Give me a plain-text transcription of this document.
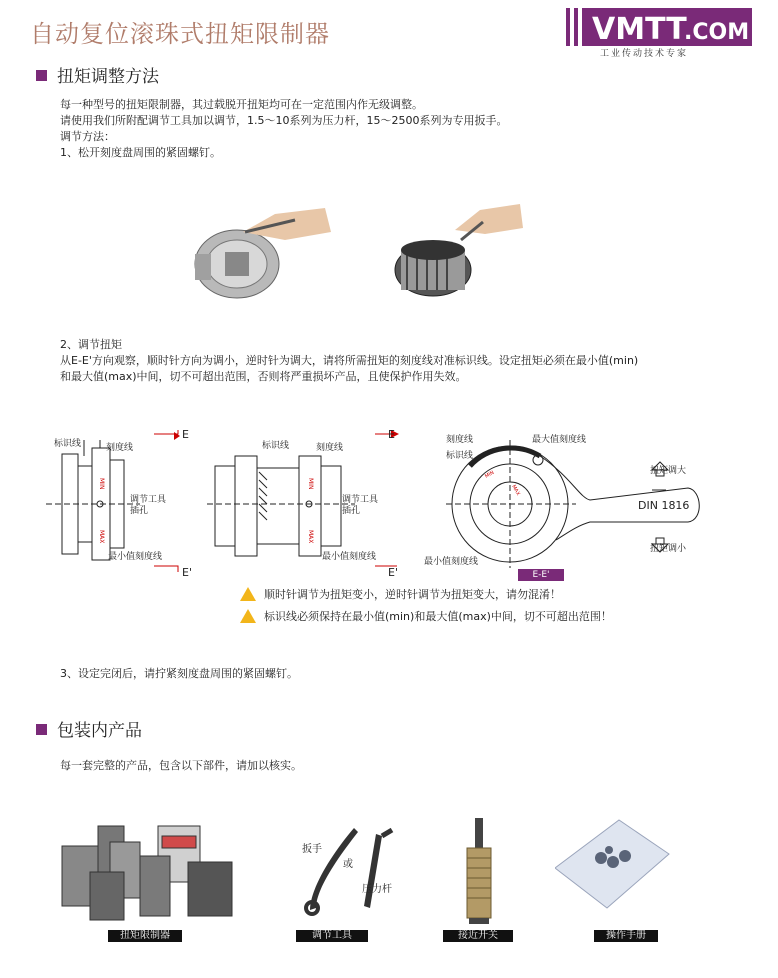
自动复位滚珠式扭矩限制器	VMTT
.COM
工业传动技术专家
扭矩调整方法
每一种型号的扭矩限制器，其过载脱开扭矩均可在一定范围内作无级调整。
请使用我们所附配调节工具加以调节，1.5～10系列为压力杆，15～2500系列为专用扳手。
调节方法：
1、松开刻度盘周围的紧固螺钉。
2、调节扭矩
从E-E'方向观察，顺时针方向为调小，逆时针为调大，请将所需扭矩的刻度线对准标识线。设定扭矩必须在最小值(min)
和最大值(max)中间，切不可超出范围，否则将严重损坏产品，且使保护作用失效。
MIN
MAX
标识线	刻度线
E
调节工具
插孔
最小值刻度线
E'
MIN
MAX
标识线	刻度线
E
调节工具
插孔
最小值刻度线
E'
MIN
MAX
刻度线
标识线
最大值刻度线
最小值刻度线
DIN 1816
扭矩调大
扭矩调小
E-E'
顺时针调节为扭矩变小，逆时针调节为扭矩变大，请勿混淆！
标识线必须保持在最小值(min)和最大值(max)中间，切不可超出范围！
3、设定完闭后，请拧紧刻度盘周围的紧固螺钉。
包装内产品
每一套完整的产品，包含以下部件，请加以核实。
扳手
或
压力杆
扭矩限制器	调节工具	接近开关	操作手册
